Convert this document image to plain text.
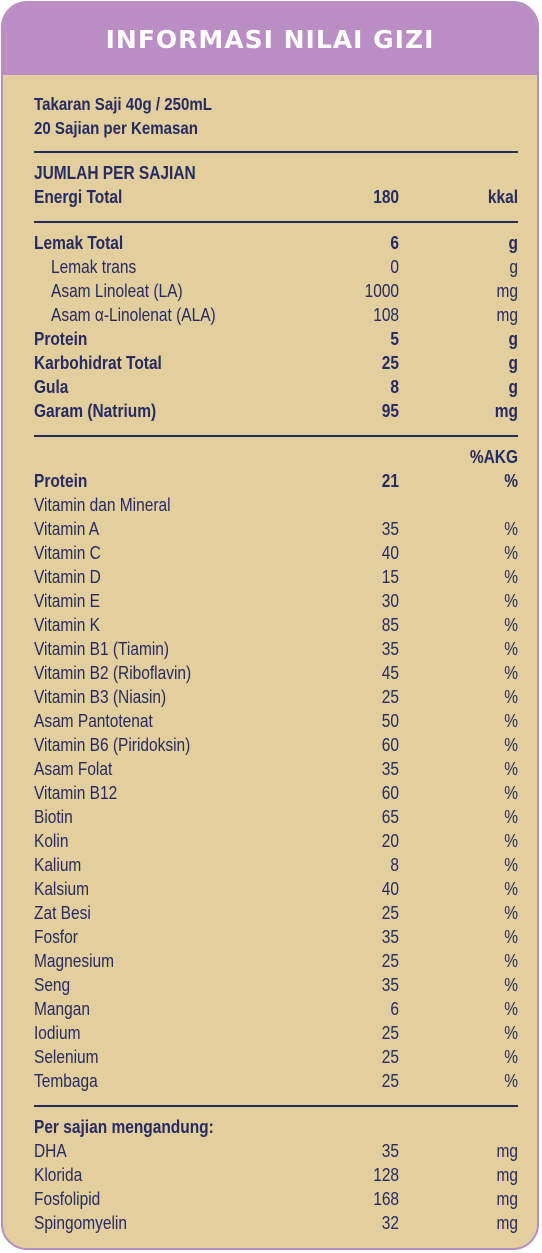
INFORMASI NILAI GIZI
Takaran Saji 40g / 250mL
20 Sajian per Kemasan
JUMLAH PER SAJIAN
Energi Total	180	kkal
Lemak Total	6	g
Lemak trans	0	g
Asam Linoleat (LA)	1000	mg
Asam α-Linolenat (ALA)	108	mg
Protein	5	g
Karbohidrat Total	25	g
Gula	8	g
Garam (Natrium)	95	mg
%AKG
Protein	21	%
Vitamin dan Mineral
Vitamin A	35	%
Vitamin C	40	%
Vitamin D	15	%
Vitamin E	30	%
Vitamin K	85	%
Vitamin B1 (Tiamin)	35	%
Vitamin B2 (Riboflavin)	45	%
Vitamin B3 (Niasin)	25	%
Asam Pantotenat	50	%
Vitamin B6 (Piridoksin)	60	%
Asam Folat	35	%
Vitamin B12	60	%
Biotin	65	%
Kolin	20	%
Kalium	8	%
Kalsium	40	%
Zat Besi	25	%
Fosfor	35	%
Magnesium	25	%
Seng	35	%
Mangan	6	%
Iodium	25	%
Selenium	25	%
Tembaga	25	%
Per sajian mengandung:
DHA	35	mg
Klorida	128	mg
Fosfolipid	168	mg
Spingomyelin	32	mg
